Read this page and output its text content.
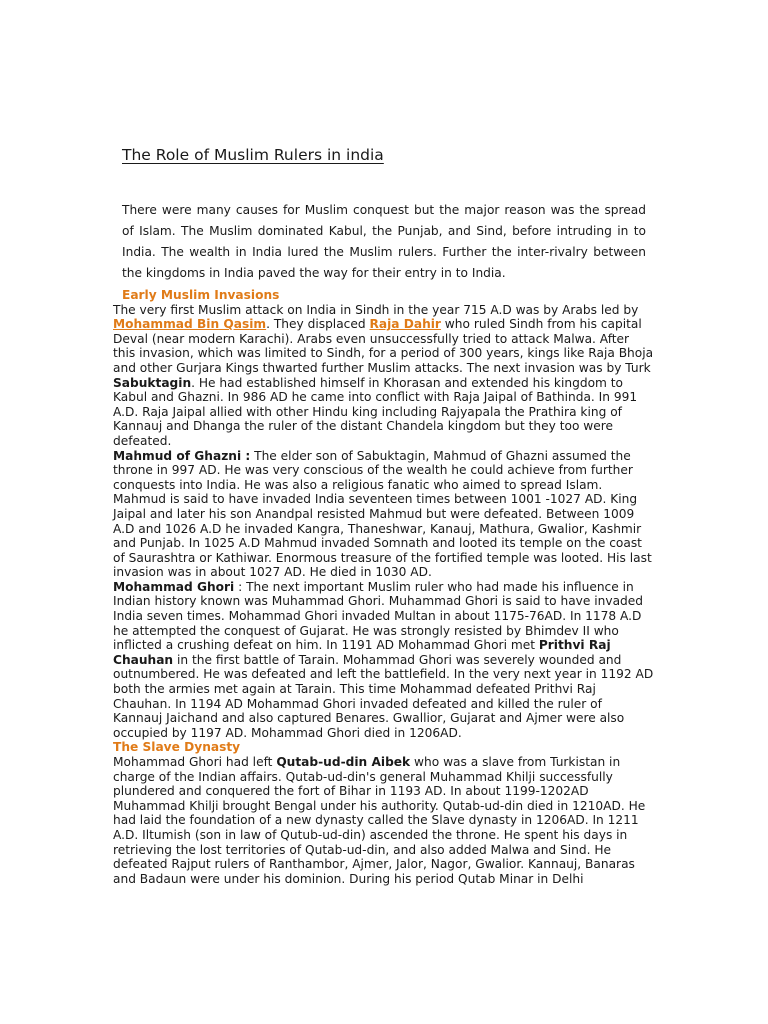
The Role of Muslim Rulers in india

There were many causes for Muslim conquest but the major reason was the spread of Islam. The Muslim dominated Kabul, the Punjab, and Sind, before intruding in to India. The wealth in India lured the Muslim rulers. Further the inter-rivalry between the kingdoms in India paved the way for their entry in to India.

Early Muslim Invasions

The very first Muslim attack on India in Sindh in the year 715 A.D was by Arabs led by Mohammad Bin Qasim. They displaced Raja Dahir who ruled Sindh from his capital Deval (near modern Karachi). Arabs even unsuccessfully tried to attack Malwa. After this invasion, which was limited to Sindh, for a period of 300 years, kings like Raja Bhoja and other Gurjara Kings thwarted further Muslim attacks. The next invasion was by Turk Sabuktagin. He had established himself in Khorasan and extended his kingdom to Kabul and Ghazni. In 986 AD he came into conflict with Raja Jaipal of Bathinda. In 991 A.D. Raja Jaipal allied with other Hindu king including Rajyapala the Prathira king of Kannauj and Dhanga the ruler of the distant Chandela kingdom but they too were defeated.

Mahmud of Ghazni : The elder son of Sabuktagin, Mahmud of Ghazni assumed the throne in 997 AD. He was very conscious of the wealth he could achieve from further conquests into India. He was also a religious fanatic who aimed to spread Islam. Mahmud is said to have invaded India seventeen times between 1001 -1027 AD. King Jaipal and later his son Anandpal resisted Mahmud but were defeated. Between 1009 A.D and 1026 A.D he invaded Kangra, Thaneshwar, Kanauj, Mathura, Gwalior, Kashmir and Punjab. In 1025 A.D Mahmud invaded Somnath and looted its temple on the coast of Saurashtra or Kathiwar. Enormous treasure of the fortified temple was looted. His last invasion was in about 1027 AD. He died in 1030 AD.

Mohammad Ghori : The next important Muslim ruler who had made his influence in Indian history known was Muhammad Ghori. Muhammad Ghori is said to have invaded India seven times. Mohammad Ghori invaded Multan in about 1175-76AD. In 1178 A.D he attempted the conquest of Gujarat. He was strongly resisted by Bhimdev II who inflicted a crushing defeat on him. In 1191 AD Mohammad Ghori met Prithvi Raj Chauhan in the first battle of Tarain. Mohammad Ghori was severely wounded and outnumbered. He was defeated and left the battlefield. In the very next year in 1192 AD both the armies met again at Tarain. This time Mohammad defeated Prithvi Raj Chauhan. In 1194 AD Mohammad Ghori invaded defeated and killed the ruler of Kannauj Jaichand and also captured Benares. Gwallior, Gujarat and Ajmer were also occupied by 1197 AD. Mohammad Ghori died in 1206AD.

The Slave Dynasty

Mohammad Ghori had left Qutab-ud-din Aibek who was a slave from Turkistan in charge of the Indian affairs. Qutab-ud-din's general Muhammad Khilji successfully plundered and conquered the fort of Bihar in 1193 AD. In about 1199-1202AD Muhammad Khilji brought Bengal under his authority. Qutab-ud-din died in 1210AD. He had laid the foundation of a new dynasty called the Slave dynasty in 1206AD. In 1211 A.D. Iltumish (son in law of Qutub-ud-din) ascended the throne. He spent his days in retrieving the lost territories of Qutab-ud-din, and also added Malwa and Sind. He defeated Rajput rulers of Ranthambor, Ajmer, Jalor, Nagor, Gwalior. Kannauj, Banaras and Badaun were under his dominion. During his period Qutab Minar in Delhi
